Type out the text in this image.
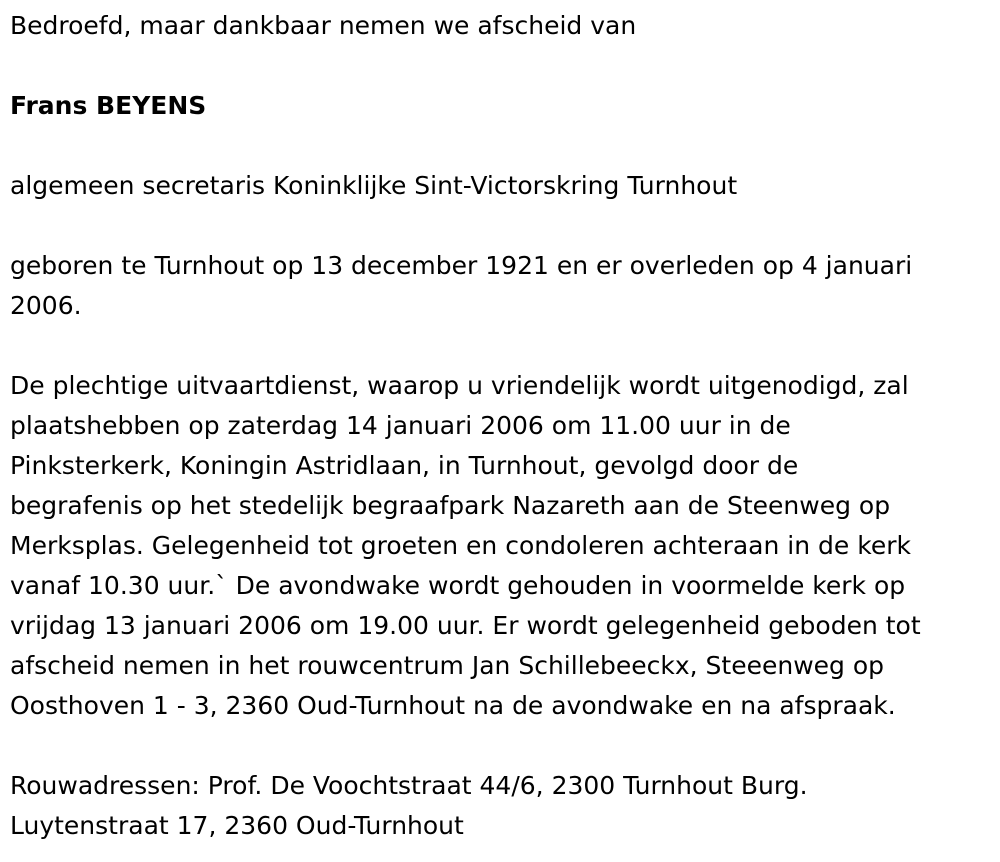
Bedroefd, maar dankbaar nemen we afscheid van

Frans BEYENS

algemeen secretaris Koninklijke Sint-Victorskring Turnhout

geboren te Turnhout op 13 december 1921 en er overleden op 4 januari
2006.

De plechtige uitvaartdienst, waarop u vriendelijk wordt uitgenodigd, zal
plaatshebben op zaterdag 14 januari 2006 om 11.00 uur in de
Pinksterkerk, Koningin Astridlaan, in Turnhout, gevolgd door de
begrafenis op het stedelijk begraafpark Nazareth aan de Steenweg op
Merksplas. Gelegenheid tot groeten en condoleren achteraan in de kerk
vanaf 10.30 uur.` De avondwake wordt gehouden in voormelde kerk op
vrijdag 13 januari 2006 om 19.00 uur. Er wordt gelegenheid geboden tot
afscheid nemen in het rouwcentrum Jan Schillebeeckx, Steeenweg op
Oosthoven 1 - 3, 2360 Oud-Turnhout na de avondwake en na afspraak.

Rouwadressen: Prof. De Voochtstraat 44/6, 2300 Turnhout Burg.
Luytenstraat 17, 2360 Oud-Turnhout
